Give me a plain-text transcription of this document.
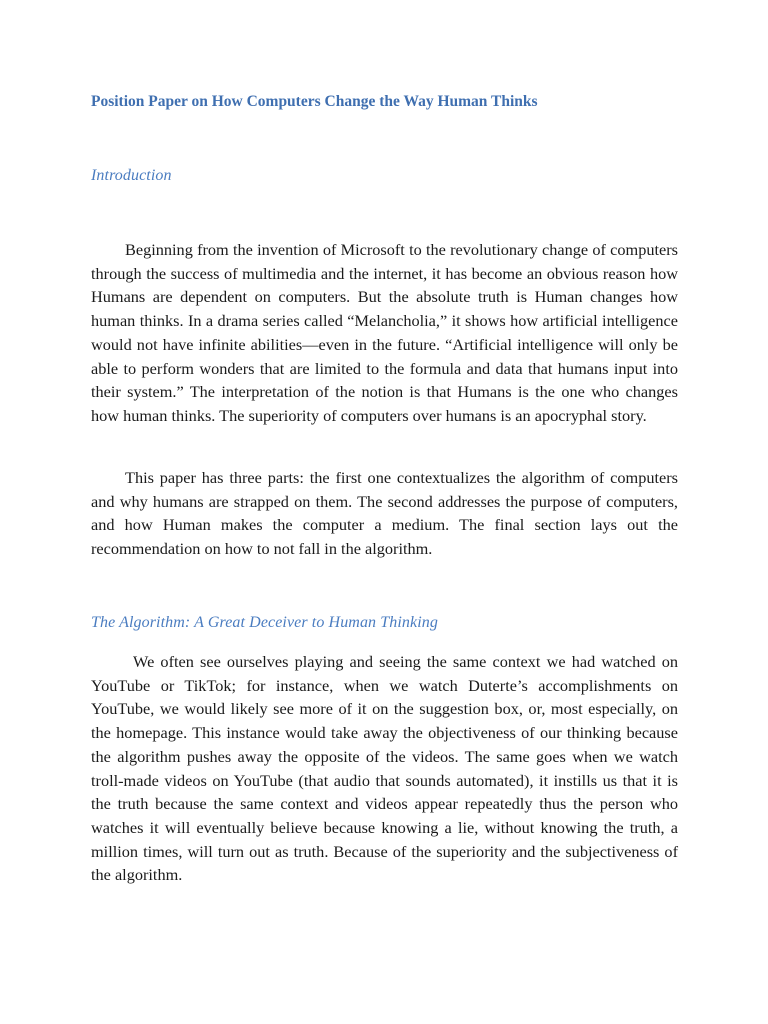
Position Paper on How Computers Change the Way Human Thinks
Introduction

Beginning from the invention of Microsoft to the revolutionary change of computers through the success of multimedia and the internet, it has become an obvious reason how Humans are dependent on computers. But the absolute truth is Human changes how human thinks. In a drama series called “Melancholia,” it shows how artificial intelligence would not have infinite abilities—even in the future. “Artificial intelligence will only be able to perform wonders that are limited to the formula and data that humans input into their system.” The interpretation of the notion is that Humans is the one who changes how human thinks. The superiority of computers over humans is an apocryphal story.

This paper has three parts: the first one contextualizes the algorithm of computers and why humans are strapped on them. The second addresses the purpose of computers, and how Human makes the computer a medium. The final section lays out the recommendation on how to not fall in the algorithm.

The Algorithm: A Great Deceiver to Human Thinking

We often see ourselves playing and seeing the same context we had watched on YouTube or TikTok; for instance, when we watch Duterte’s accomplishments on YouTube, we would likely see more of it on the suggestion box, or, most especially, on the homepage. This instance would take away the objectiveness of our thinking because the algorithm pushes away the opposite of the videos. The same goes when we watch troll-made videos on YouTube (that audio that sounds automated), it instills us that it is the truth because the same context and videos appear repeatedly thus the person who watches it will eventually believe because knowing a lie, without knowing the truth, a million times, will turn out as truth. Because of the superiority and the subjectiveness of the algorithm.
